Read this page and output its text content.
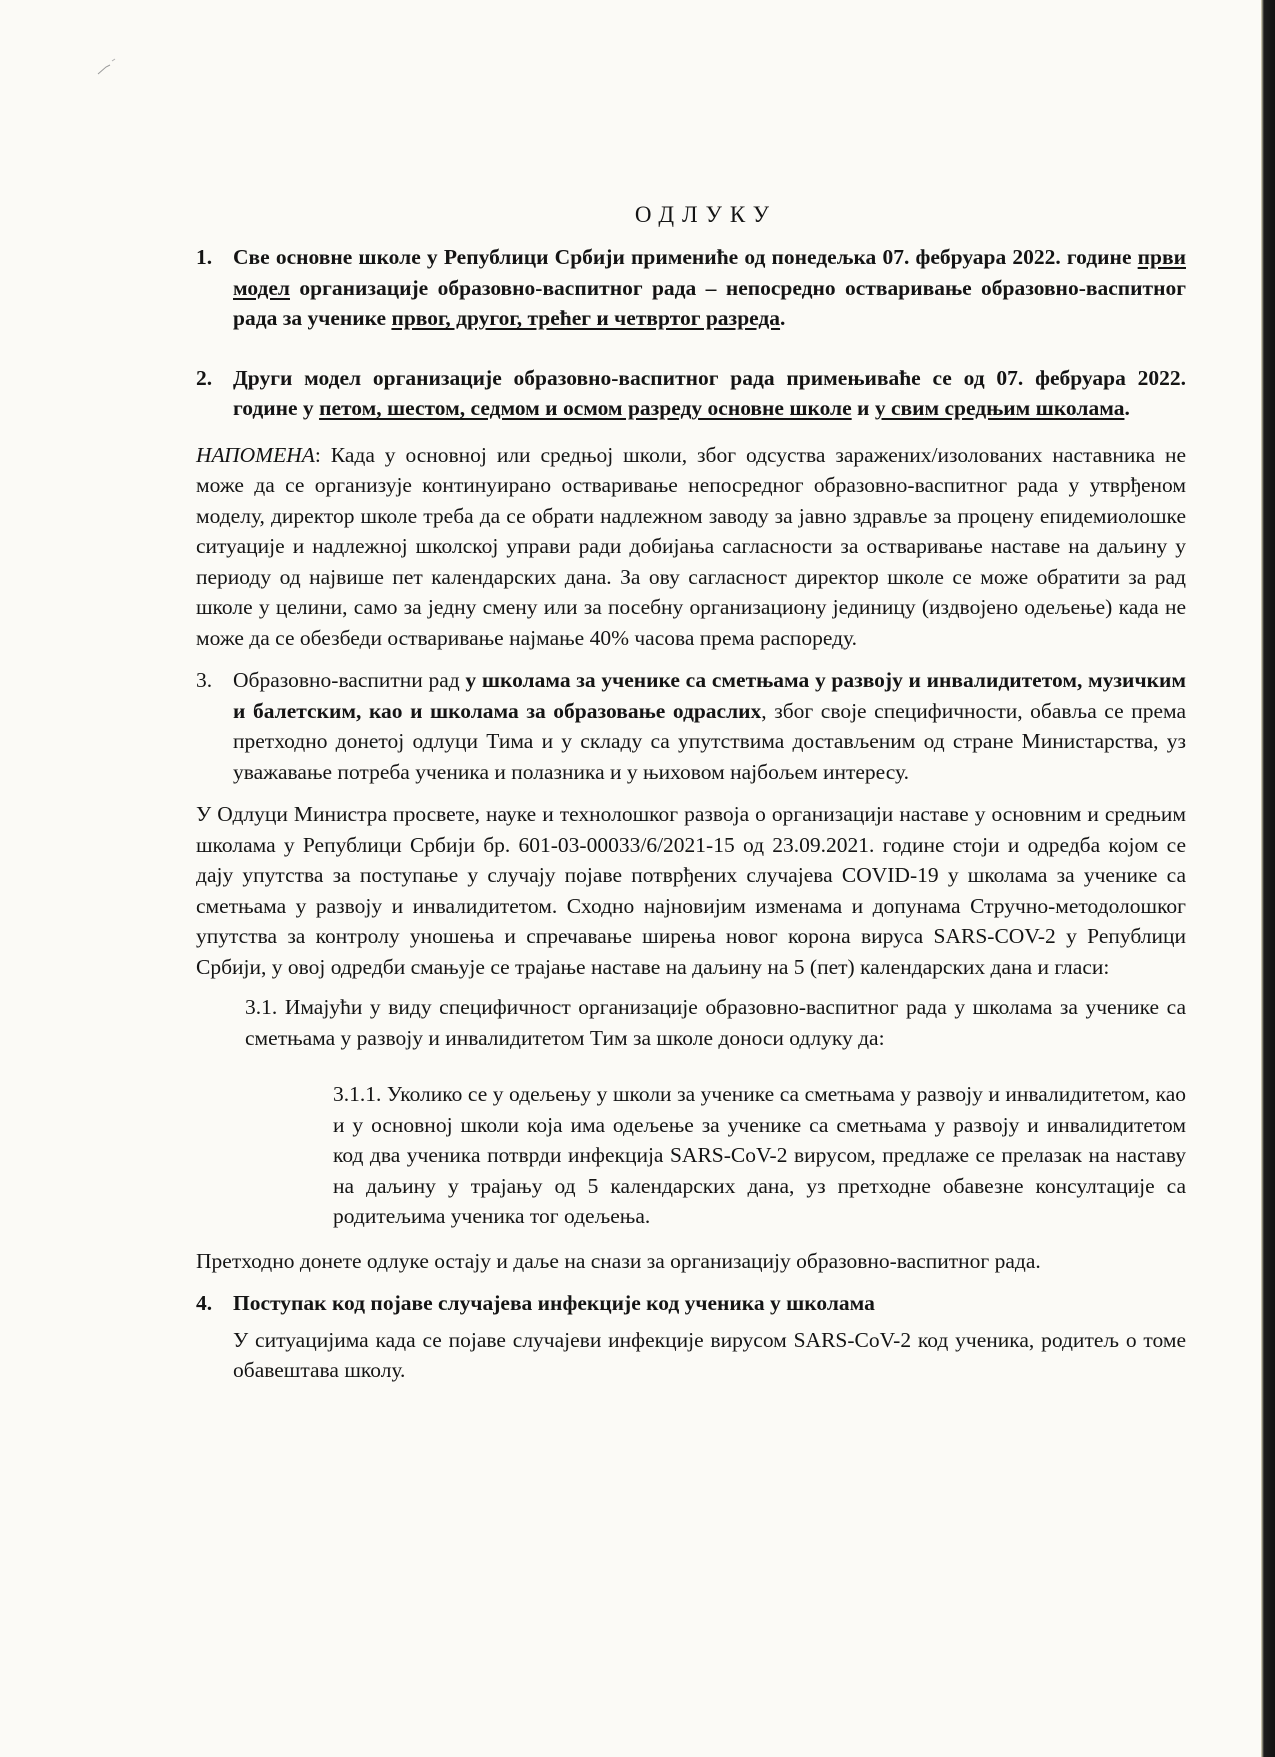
ОДЛУКУ

1. Све основне школе у Републици Србији примениће од понедељка 07. фебруара 2022. године први модел организације образовно-васпитног рада – непосредно остваривање образовно-васпитног рада за ученике првог, другог, трећег и четвртог разреда.
2. Други модел организације образовно-васпитног рада примењиваће се од 07. фебруара 2022. године у петом, шестом, седмом и осмом разреду основне школе и у свим средњим школама.

НАПОМЕНА: Када у основној или средњој школи, због одсуства заражених/изолованих наставника не може да се организује континуирано остваривање непосредног образовно-васпитног рада у утврђеном моделу, директор школе треба да се обрати надлежном заводу за јавно здравље за процену епидемиолошке ситуације и надлежној школској управи ради добијања сагласности за остваривање наставе на даљину у периоду од највише пет календарских дана. За ову сагласност директор школе се може обратити за рад школе у целини, само за једну смену или за посебну организациону јединицу (издвојено одељење) када не може да се обезбеди остваривање најмање 40% часова према распореду.

3. Образовно-васпитни рад у школама за ученике са сметњама у развоју и инвалидитетом, музичким и балетским, као и школама за образовање одраслих, због своје специфичности, обавља се према претходно донетој одлуци Тима и у складу са упутствима достављеним од стране Министарства, уз уважавање потреба ученика и полазника и у њиховом најбољем интересу.

У Одлуци Министра просвете, науке и технолошког развоја о организацији наставе у основним и средњим школама у Републици Србији бр. 601-03-00033/6/2021-15 од 23.09.2021. године стоји и одредба којом се дају упутства за поступање у случају појаве потврђених случајева COVID-19 у школама за ученике са сметњама у развоју и инвалидитетом. Сходно најновијим изменама и допунама Стручно-методолошког упутства за контролу уношења и спречавање ширења новог корона вируса SARS-COV-2 у Републици Србији, у овој одредби смањује се трајање наставе на даљину на 5 (пет) календарских дана и гласи:

3.1. Имајући у виду специфичност организације образовно-васпитног рада у школама за ученике са сметњама у развоју и инвалидитетом Тим за школе доноси одлуку да:

3.1.1. Уколико се у одељењу у школи за ученике са сметњама у развоју и инвалидитетом, као и у основној школи која има одељење за ученике са сметњама у развоју и инвалидитетом код два ученика потврди инфекција SARS-CoV-2 вирусом, предлаже се прелазак на наставу на даљину у трајању од 5 календарских дана, уз претходне обавезне консултације са родитељима ученика тог одељења.

Претходно донете одлуке остају и даље на снази за организацију образовно-васпитног рада.

4. Поступак код појаве случајева инфекције код ученика у школама

У ситуацијима када се појаве случајеви инфекције вирусом SARS-CoV-2 код ученика, родитељ о томе обавештава школу.
